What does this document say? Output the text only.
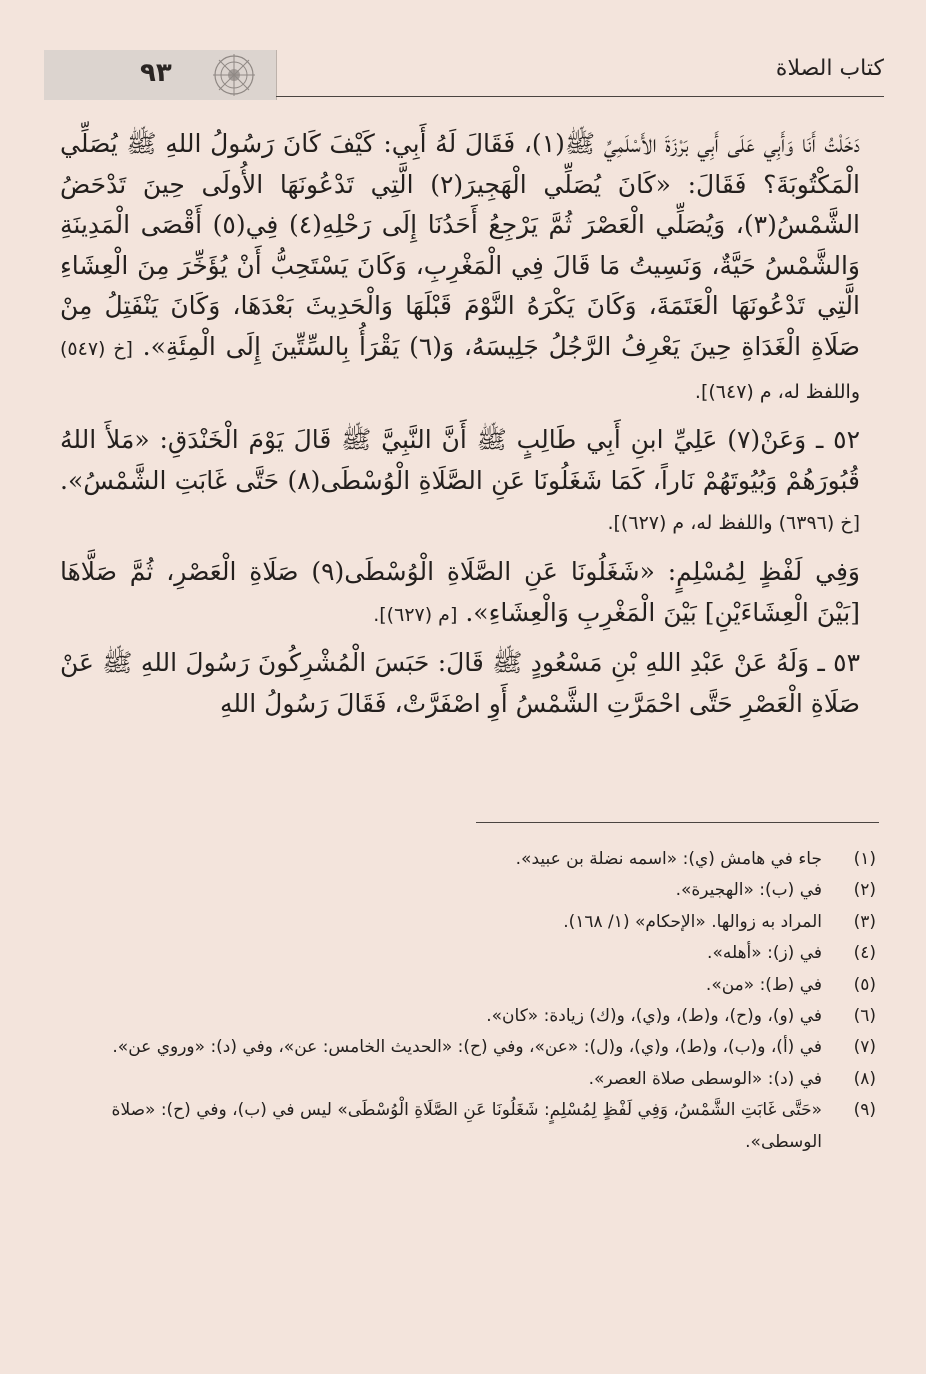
٩٣	كتاب الصلاة

دَخَلْتُ أَنَا وَأَبِي عَلَى أَبِي بَرْزَةَ الأَسْلَمِيِّ ﷺ(١)، فَقَالَ لَهُ أَبِي: كَيْفَ كَانَ رَسُولُ اللهِ ﷺ يُصَلِّي الْمَكْتُوبَةَ؟ فَقَالَ: «كَانَ يُصَلِّي الْهَجِيرَ(٢) الَّتِي تَدْعُونَهَا الأُولَى حِينَ تَدْحَضُ الشَّمْسُ(٣)، وَيُصَلِّي الْعَصْرَ ثُمَّ يَرْجِعُ أَحَدُنَا إِلَى رَحْلِهِ(٤) فِي(٥) أَقْصَى الْمَدِينَةِ وَالشَّمْسُ حَيَّةٌ، وَنَسِيتُ مَا قَالَ فِي الْمَغْرِبِ، وَكَانَ يَسْتَحِبُّ أَنْ يُؤَخِّرَ مِنَ الْعِشَاءِ الَّتِي تَدْعُونَهَا الْعَتَمَةَ، وَكَانَ يَكْرَهُ النَّوْمَ قَبْلَهَا وَالْحَدِيثَ بَعْدَهَا، وَكَانَ يَنْفَتِلُ مِنْ صَلَاةِ الْغَدَاةِ حِينَ يَعْرِفُ الرَّجُلُ جَلِيسَهُ، وَ(٦) يَقْرَأُ بِالسِّتِّينَ إِلَى الْمِئَةِ». [خ (٥٤٧) واللفظ له، م (٦٤٧)].

٥٢ ـ وَعَنْ(٧) عَلِيِّ ابنِ أَبِي طَالِبٍ ﷺ أَنَّ النَّبِيَّ ﷺ قَالَ يَوْمَ الْخَنْدَقِ: «مَلأَ اللهُ قُبُورَهُمْ وَبُيُوتَهُمْ نَاراً، كَمَا شَغَلُونَا عَنِ الصَّلَاةِ الْوُسْطَى(٨) حَتَّى غَابَتِ الشَّمْسُ». [خ (٦٣٩٦) واللفظ له، م (٦٢٧)].

وَفِي لَفْظٍ لِمُسْلِمٍ: «شَغَلُونَا عَنِ الصَّلَاةِ الْوُسْطَى(٩) صَلَاةِ الْعَصْرِ، ثُمَّ صَلَّاهَا [بَيْنَ الْعِشَاءَيْنِ] بَيْنَ الْمَغْرِبِ وَالْعِشَاءِ». [م (٦٢٧)].

٥٣ ـ وَلَهُ عَنْ عَبْدِ اللهِ بْنِ مَسْعُودٍ ﷺ قَالَ: حَبَسَ الْمُشْرِكُونَ رَسُولَ اللهِ ﷺ عَنْ صَلَاةِ الْعَصْرِ حَتَّى احْمَرَّتِ الشَّمْسُ أَوِ اصْفَرَّتْ، فَقَالَ رَسُولُ اللهِ

(١)
جاء في هامش (ي): «اسمه نضلة بن عبيد».
(٢)
في (ب): «الهجيرة».
(٣)
المراد به زوالها. «الإحكام» (١/ ١٦٨).
(٤)
في (ز): «أهله».
(٥)
في (ط): «من».
(٦)
في (و)، و(ح)، و(ط)، و(ي)، و(ك) زيادة: «كان».
(٧)
في (أ)، و(ب)، و(ط)، و(ي)، و(ل): «عن»، وفي (ح): «الحديث الخامس: عن»، وفي (د): «وروي عن».
(٨)
في (د): «الوسطى صلاة العصر».
(٩)
«حَتَّى غَابَتِ الشَّمْسُ، وَفِي لَفْظٍ لِمُسْلِمٍ: شَغَلُونَا عَنِ الصَّلَاةِ الْوُسْطَى» ليس في (ب)، وفي (ح): «صلاة الوسطى».
